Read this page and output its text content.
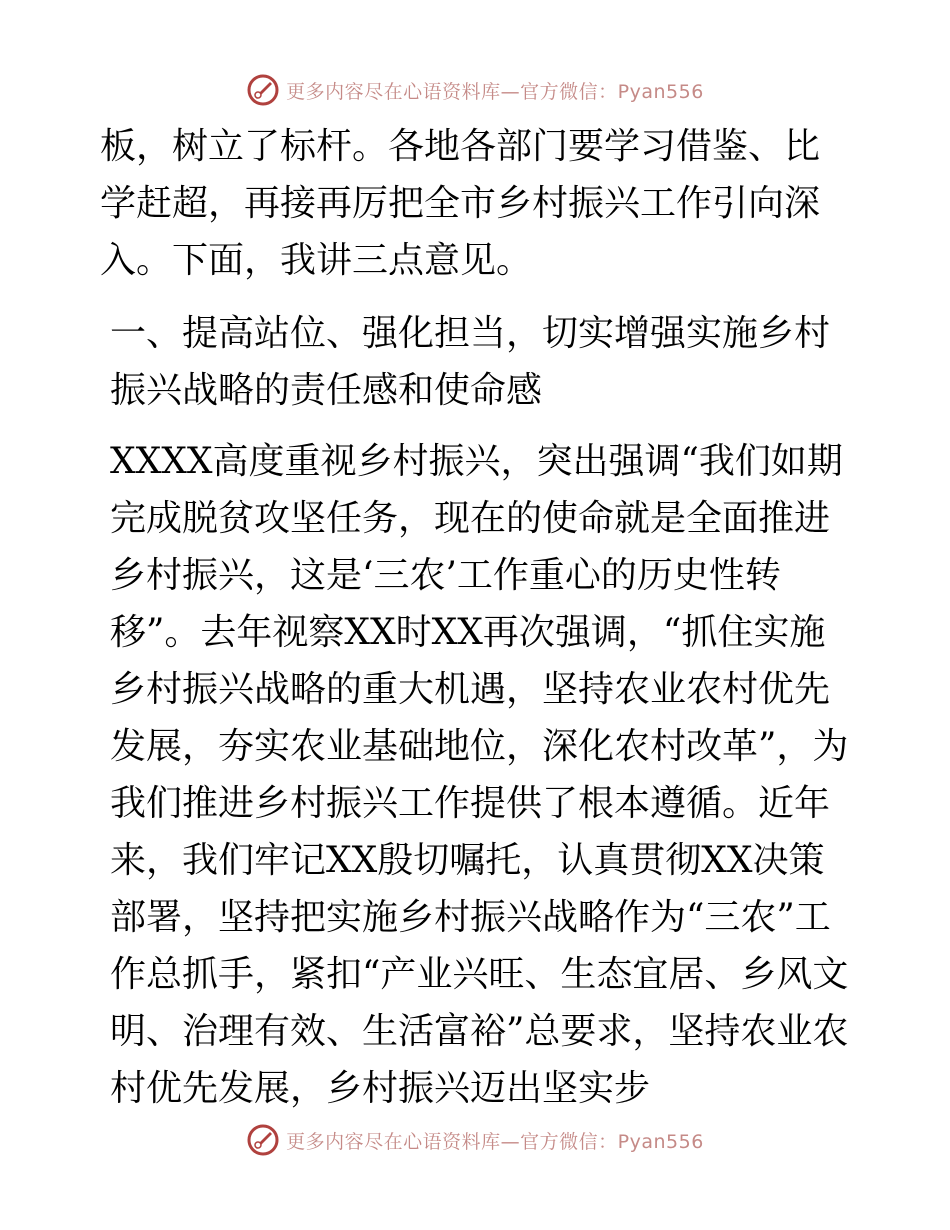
更多内容尽在心语资料库—官方微信：Pyan556

板，树立了标杆。各地各部门要学习借鉴、比学赶超，再接再厉把全市乡村振兴工作引向深入。下面，我讲三点意见。

一、提高站位、强化担当，切实增强实施乡村振兴战略的责任感和使命感

XXXX高度重视乡村振兴，突出强调“我们如期完成脱贫攻坚任务，现在的使命就是全面推进乡村振兴，这是‘三农’工作重心的历史性转移”。去年视察XX时XX再次强调，“抓住实施乡村振兴战略的重大机遇，坚持农业农村优先发展，夯实农业基础地位，深化农村改革”，为我们推进乡村振兴工作提供了根本遵循。近年来，我们牢记XX殷切嘱托，认真贯彻XX决策部署，坚持把实施乡村振兴战略作为“三农”工作总抓手，紧扣“产业兴旺、生态宜居、乡风文明、治理有效、生活富裕”总要求，坚持农业农村优先发展，乡村振兴迈出坚实步

更多内容尽在心语资料库—官方微信：Pyan556
